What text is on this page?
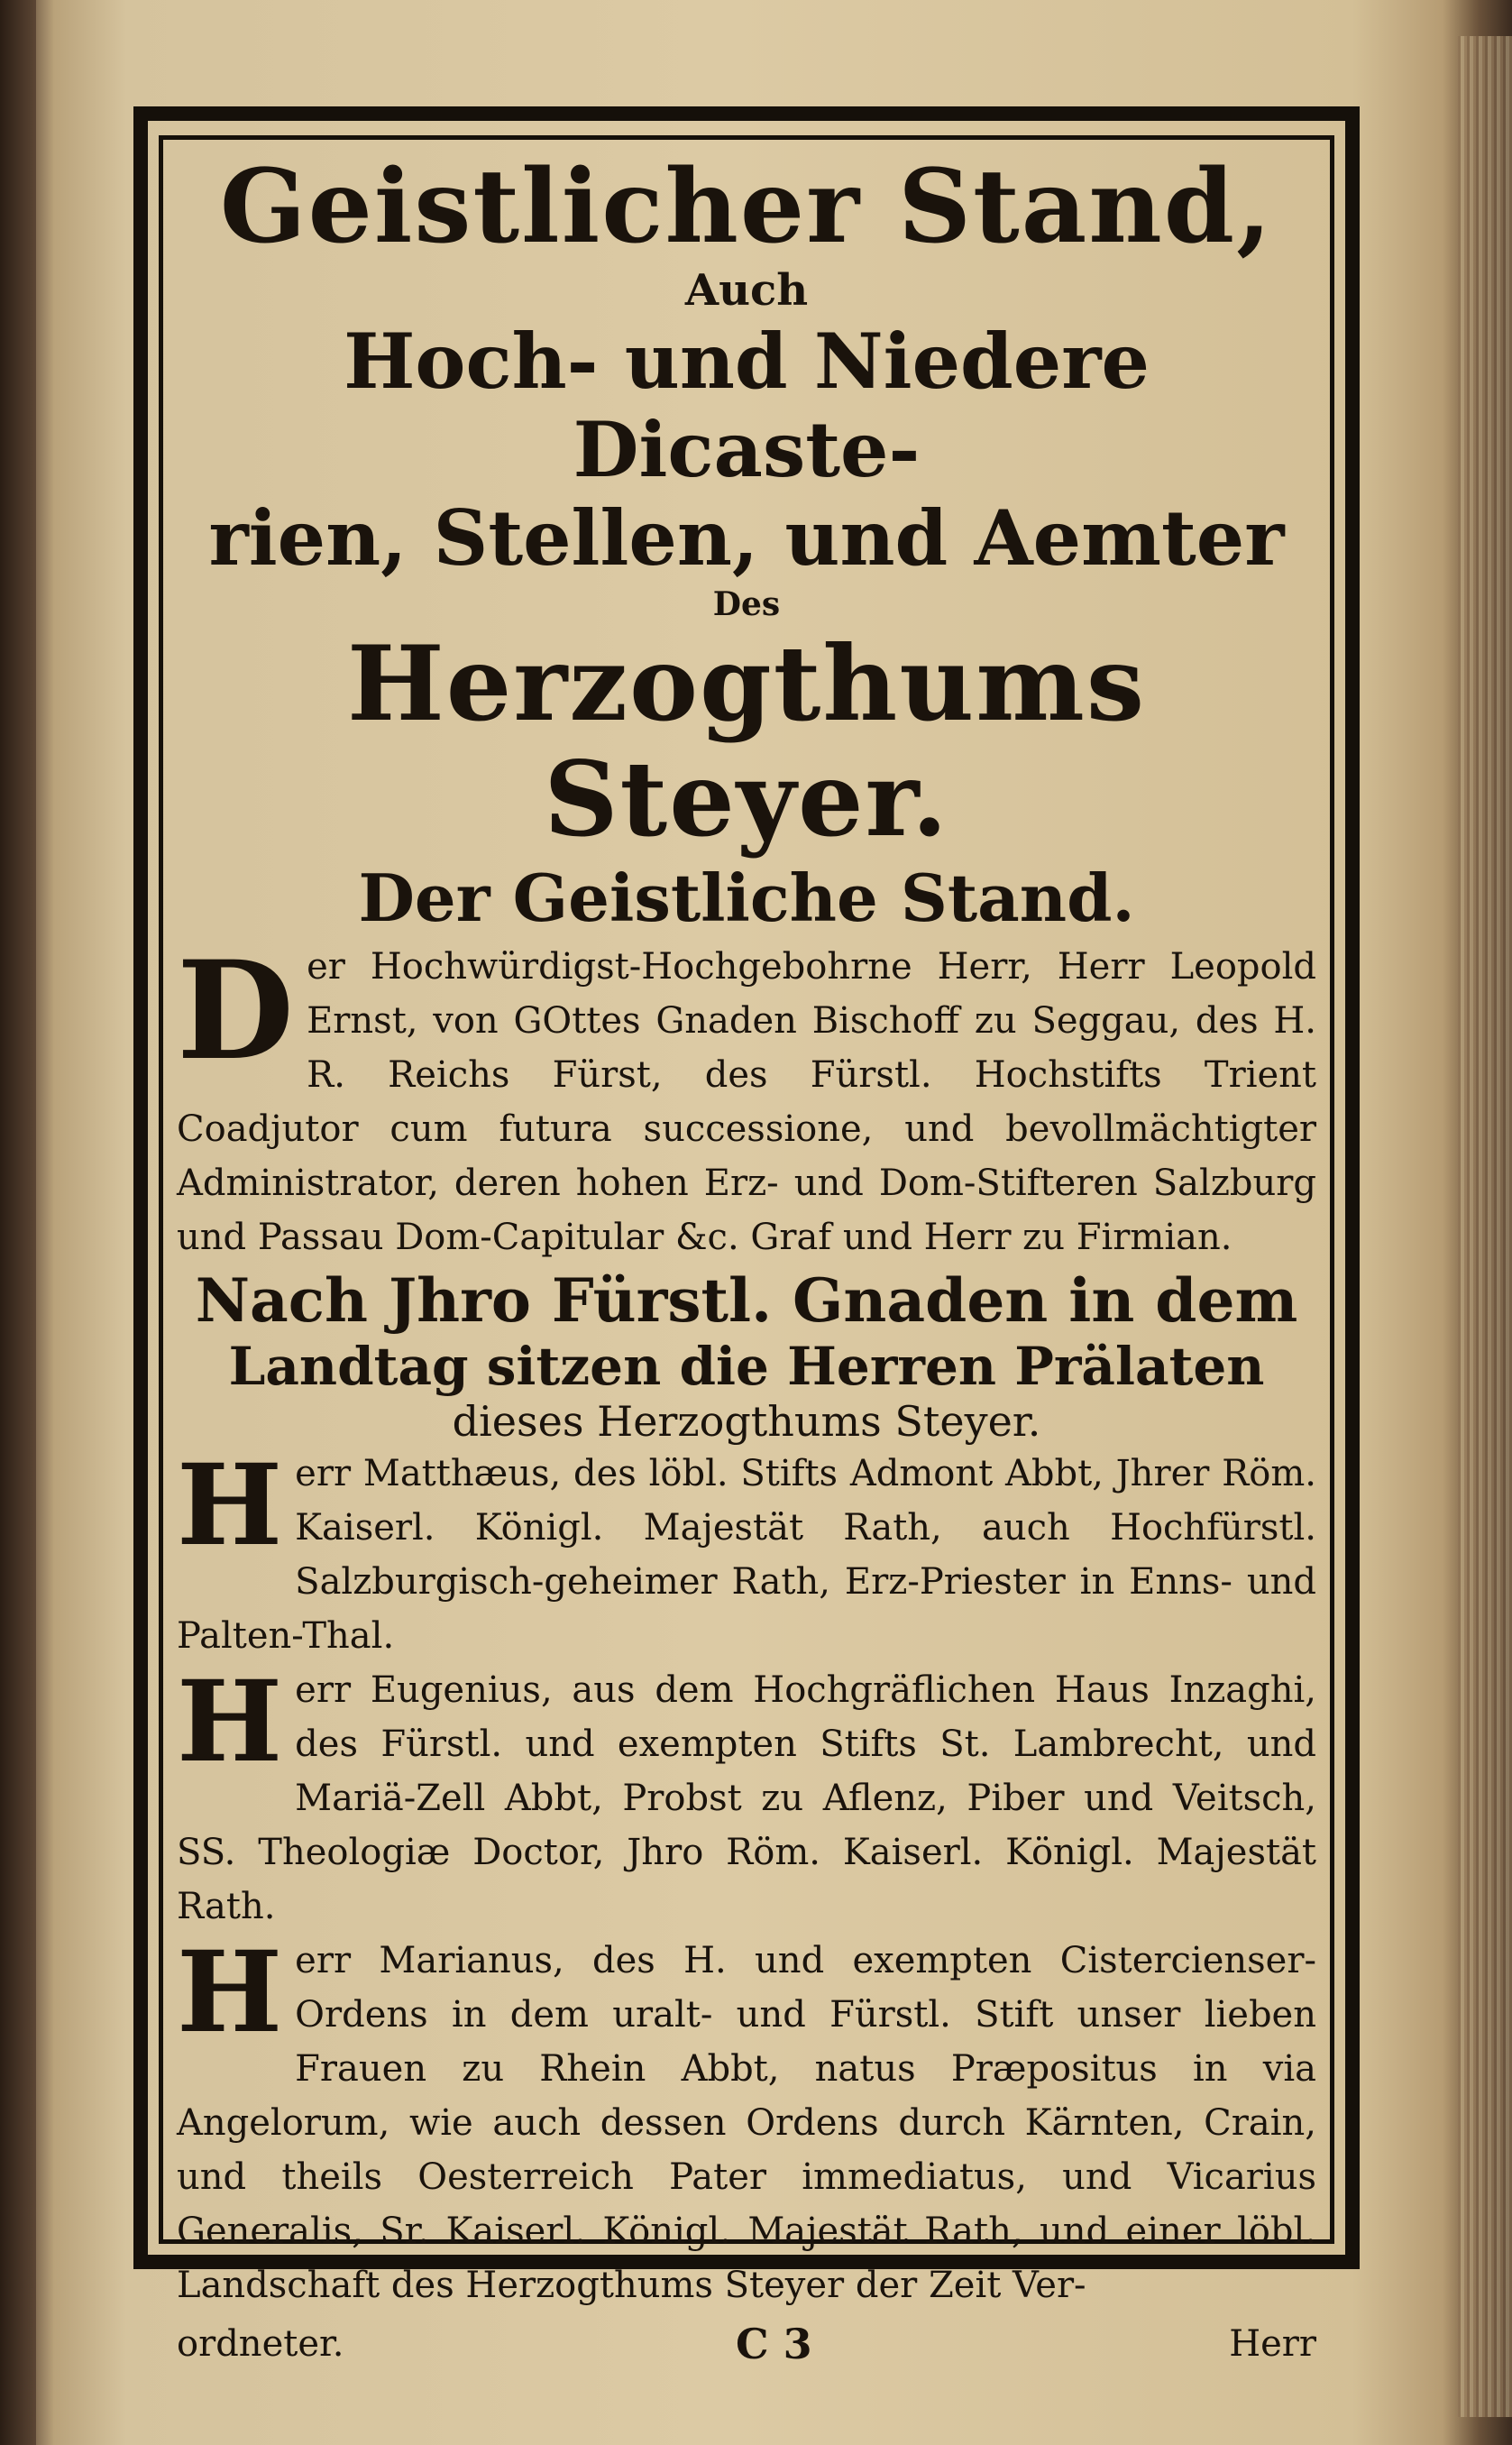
Geistlicher Stand,

Auch

Hoch- und Niedere Dicaste-

rien, Stellen, und Aemter

Des

Herzogthums Steyer.

Der Geistliche Stand.

D er Hochwürdigst-Hochgebohrne Herr, Herr Leopold Ernst, von GOttes Gnaden Bischoff zu Seggau, des H. R. Reichs Fürst, des Fürstl. Hochstifts Trient Coadjutor cum futura successione, und bevollmächtigter Administrator, deren hohen Erz- und Dom-Stifteren Salzburg und Passau Dom-Capitular &c. Graf und Herr zu Firmian.

Nach Jhro Fürstl. Gnaden in dem

Landtag sitzen die Herren Prälaten

dieses Herzogthums Steyer.

H err Matthæus, des löbl. Stifts Admont Abbt, Jhrer Röm. Kaiserl. Königl. Majestät Rath, auch Hochfürstl. Salzburgisch-geheimer Rath, Erz-Priester in Enns- und Palten-Thal.

H err Eugenius, aus dem Hochgräflichen Haus Inzaghi, des Fürstl. und exempten Stifts St. Lambrecht, und Mariä-Zell Abbt, Probst zu Aflenz, Piber und Veitsch, SS. Theologiæ Doctor, Jhro Röm. Kaiserl. Königl. Majestät Rath.

H err Marianus, des H. und exempten Cistercienser-Ordens in dem uralt- und Fürstl. Stift unser lieben Frauen zu Rhein Abbt, natus Præpositus in via Angelorum, wie auch dessen Ordens durch Kärnten, Crain, und theils Oesterreich Pater immediatus, und Vicarius Generalis, Sr. Kaiserl. Königl. Majestät Rath, und einer löbl. Landschaft des Herzogthums Steyer der Zeit Ver-

ordneter.	C 3	Herr
